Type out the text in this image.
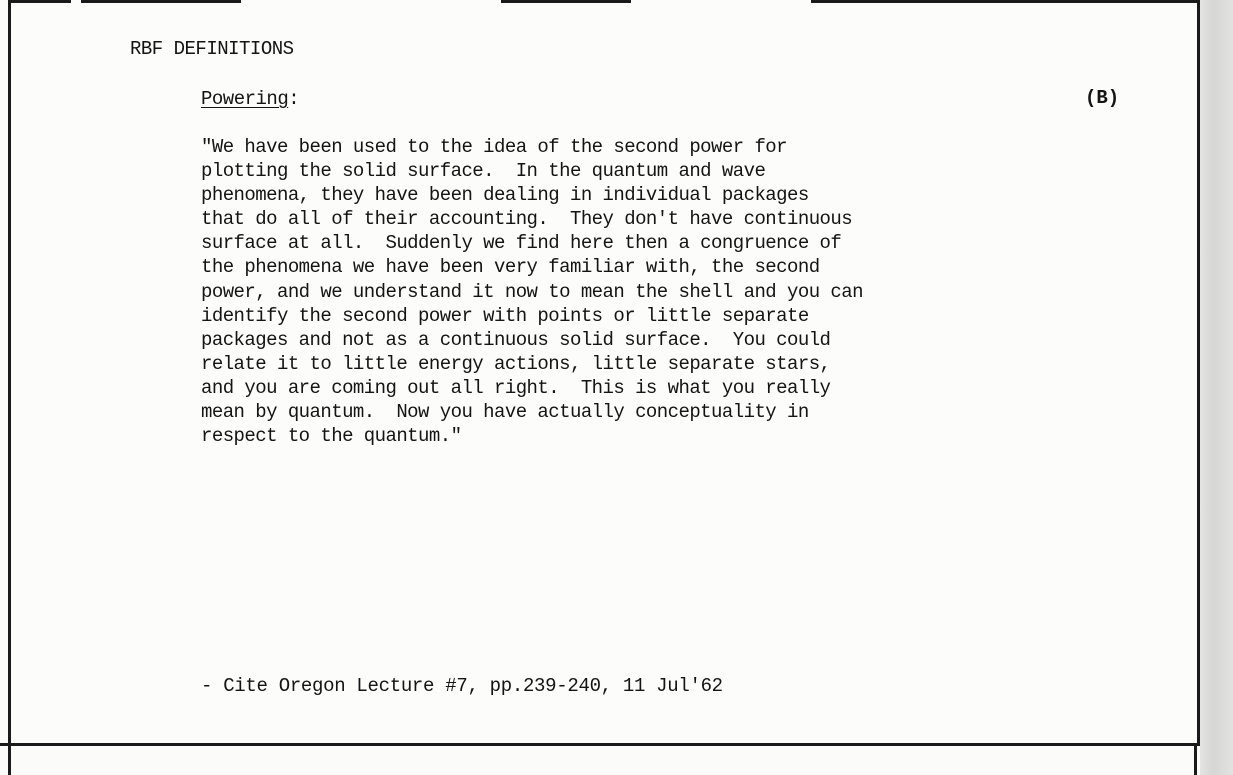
RBF DEFINITIONS
Powering:	(B)
"We have been used to the idea of the second power for
plotting the solid surface.  In the quantum and wave
phenomena, they have been dealing in individual packages
that do all of their accounting.  They don't have continuous
surface at all.  Suddenly we find here then a congruence of
the phenomena we have been very familiar with, the second
power, and we understand it now to mean the shell and you can
identify the second power with points or little separate
packages and not as a continuous solid surface.  You could
relate it to little energy actions, little separate stars,
and you are coming out all right.  This is what you really
mean by quantum.  Now you have actually conceptuality in
respect to the quantum."
- Cite Oregon Lecture #7, pp.239-240, 11 Jul'62
